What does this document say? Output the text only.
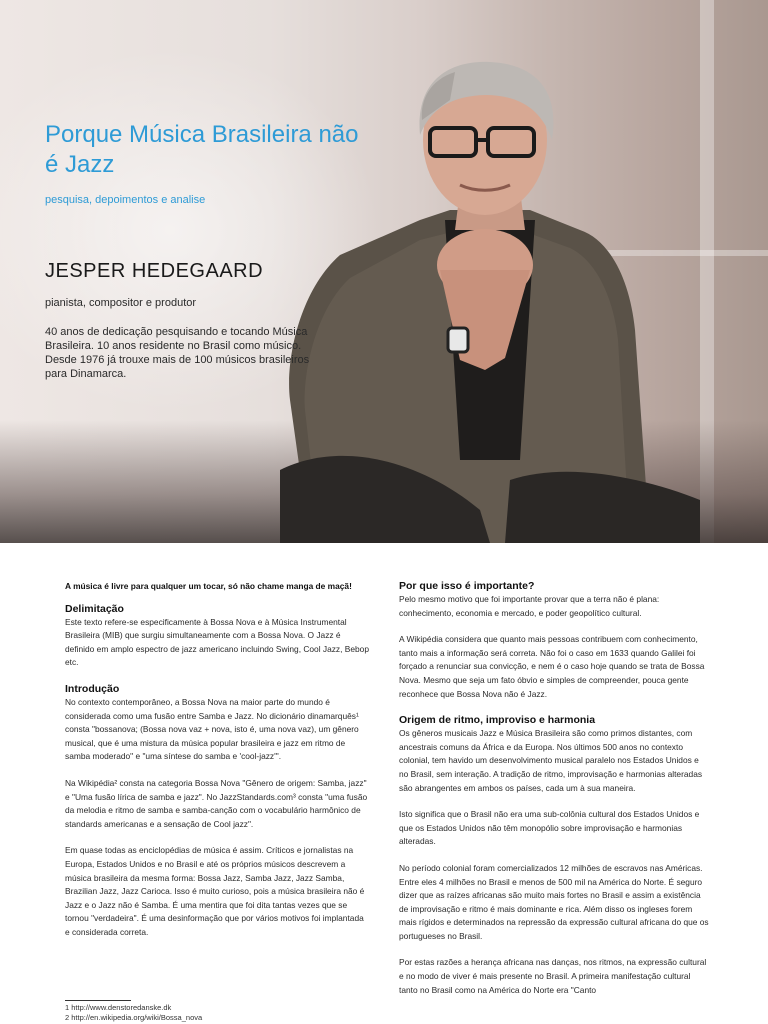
Porque Música Brasileira não é Jazz
pesquisa, depoimentos e analise
JESPER HEDEGAARD
pianista, compositor e produtor
40 anos de dedicação pesquisando e tocando Música Brasileira. 10 anos residente no Brasil como músico. Desde 1976 já trouxe mais de 100 músicos brasileiros para Dinamarca.
A música é livre para qualquer um tocar, só não chame manga de maçã!
Delimitação

Este texto refere-se especificamente à Bossa Nova e à Música Instrumental Brasileira (MIB) que surgiu simultaneamente com a Bossa Nova. O Jazz é definido em amplo espectro de jazz americano incluindo Swing, Cool Jazz, Bebop etc.

Introdução

No contexto contemporâneo, a Bossa Nova na maior parte do mundo é considerada como uma fusão entre Samba e Jazz. No dicionário dinamarquês¹ consta "bossanova; (Bossa nova vaz + nova, isto é, uma nova vaz), um gênero musical, que é uma mistura da música popular brasileira e jazz em ritmo de samba moderado" e "uma síntese do samba e 'cool-jazz'".

Na Wikipédia² consta na categoria Bossa Nova "Gênero de origem: Samba, jazz" e "Uma fusão lírica de samba e jazz". No JazzStandards.com³ consta "uma fusão da melodia e ritmo de samba e samba-canção com o vocabulário harmônico de standards americanas e a sensação de Cool jazz".

Em quase todas as enciclopédias de música é assim. Críticos e jornalistas na Europa, Estados Unidos e no Brasil e até os próprios músicos descrevem a música brasileira da mesma forma: Bossa Jazz, Samba Jazz, Jazz Samba, Brazilian Jazz, Jazz Carioca. Isso é muito curioso, pois a música brasileira não é Jazz e o Jazz não é Samba. É uma mentira que foi dita tantas vezes que se tornou "verdadeira". É uma desinformação que por vários motivos foi implantada e considerada correta.

Por que isso é importante?

Pelo mesmo motivo que foi importante provar que a terra não é plana: conhecimento, economia e mercado, e poder geopolítico cultural.

A Wikipédia considera que quanto mais pessoas contribuem com conhecimento, tanto mais a informação será correta. Não foi o caso em 1633 quando Galilei foi forçado a renunciar sua convicção, e nem é o caso hoje quando se trata de Bossa Nova. Mesmo que seja um fato óbvio e simples de compreender, pouca gente reconhece que Bossa Nova não é Jazz.

Origem de ritmo, improviso e harmonia

Os gêneros musicais Jazz e Música Brasileira são como primos distantes, com ancestrais comuns da África e da Europa. Nos últimos 500 anos no contexto colonial, tem havido um desenvolvimento musical paralelo nos Estados Unidos e no Brasil, sem interação. A tradição de ritmo, improvisação e harmonias alteradas são abrangentes em ambos os países, cada um à sua maneira.

Isto significa que o Brasil não era uma sub-colônia cultural dos Estados Unidos e que os Estados Unidos não têm monopólio sobre improvisação e harmonias alteradas.

No período colonial foram comercializados 12 milhões de escravos nas Américas. Entre eles 4 milhões no Brasil e menos de 500 mil na América do Norte. É seguro dizer que as raízes africanas são muito mais fortes no Brasil e assim a existência de improvisação e ritmo é mais dominante e rica. Além disso os ingleses forem mais rígidos e determinados na repressão da expressão cultural africana do que os portugueses no Brasil.

Por estas razões a herança africana nas danças, nos ritmos, na expressão cultural e no modo de viver é mais presente no Brasil. A primeira manifestação cultural tanto no Brasil como na América do Norte era "Canto

1 http://www.denstoredanske.dk
2 http://en.wikipedia.org/wiki/Bossa_nova
